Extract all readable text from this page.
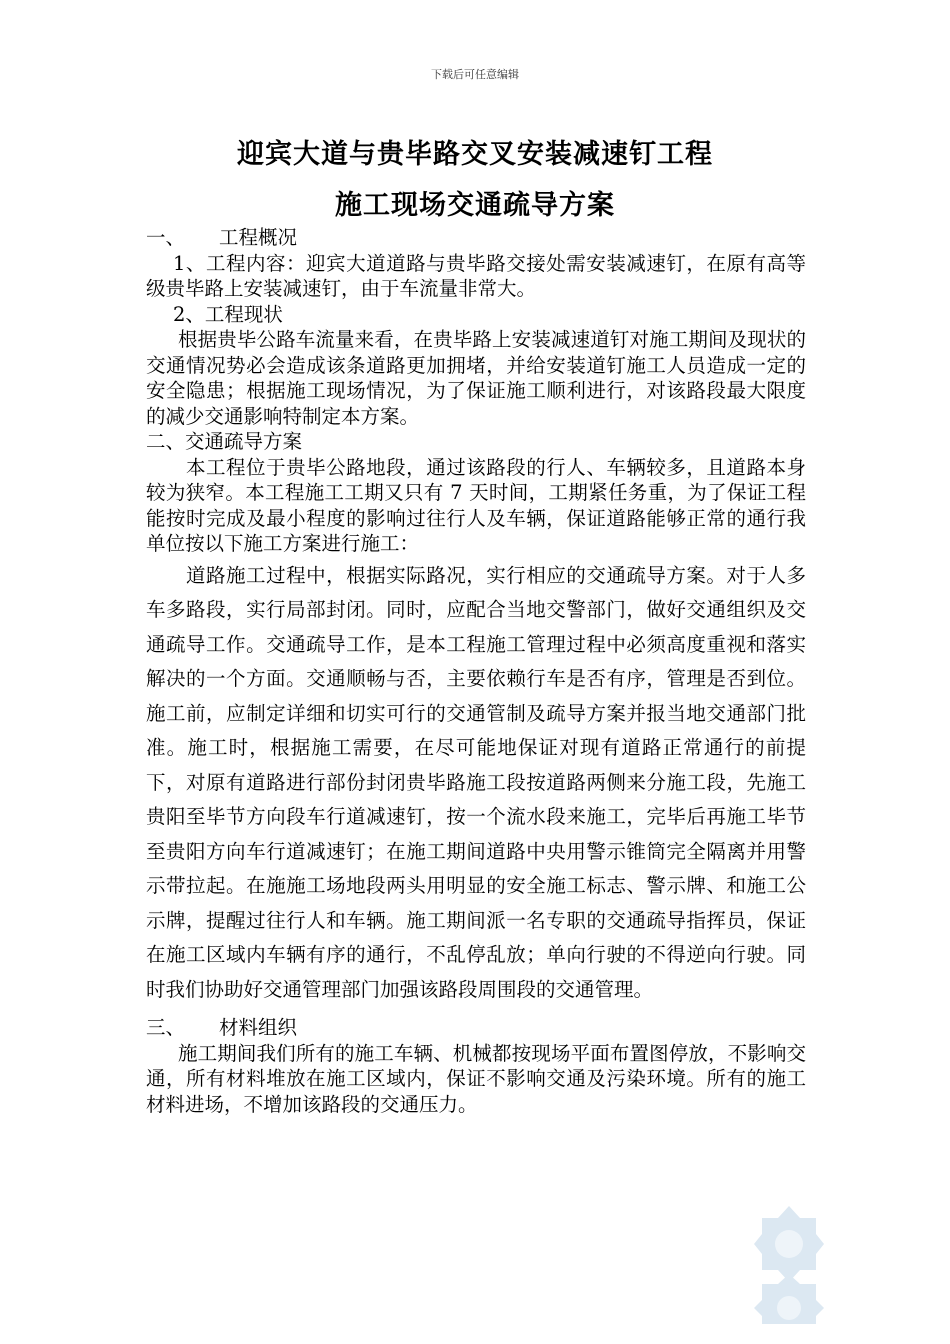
下载后可任意编辑
迎宾大道与贵毕路交叉安装减速钉工程
施工现场交通疏导方案

一、 工程概况

1、工程内容：迎宾大道道路与贵毕路交接处需安装减速钉，在原有高等级贵毕路上安装减速钉，由于车流量非常大。

2、工程现状

根据贵毕公路车流量来看，在贵毕路上安装减速道钉对施工期间及现状的交通情况势必会造成该条道路更加拥堵，并给安装道钉施工人员造成一定的安全隐患；根据施工现场情况，为了保证施工顺利进行，对该路段最大限度的减少交通影响特制定本方案。

二、交通疏导方案

本工程位于贵毕公路地段，通过该路段的行人、车辆较多，且道路本身较为狭窄。本工程施工工期又只有 7 天时间，工期紧任务重，为了保证工程能按时完成及最小程度的影响过往行人及车辆，保证道路能够正常的通行我单位按以下施工方案进行施工：

道路施工过程中，根据实际路况，实行相应的交通疏导方案。对于人多车多路段，实行局部封闭。同时，应配合当地交警部门，做好交通组织及交通疏导工作。交通疏导工作，是本工程施工管理过程中必须高度重视和落实解决的一个方面。交通顺畅与否，主要依赖行车是否有序，管理是否到位。施工前，应制定详细和切实可行的交通管制及疏导方案并报当地交通部门批准。施工时，根据施工需要，在尽可能地保证对现有道路正常通行的前提下，对原有道路进行部份封闭贵毕路施工段按道路两侧来分施工段，先施工贵阳至毕节方向段车行道减速钉，按一个流水段来施工，完毕后再施工毕节至贵阳方向车行道减速钉；在施工期间道路中央用警示锥筒完全隔离并用警示带拉起。在施施工场地段两头用明显的安全施工标志、警示牌、和施工公示牌，提醒过往行人和车辆。施工期间派一名专职的交通疏导指挥员，保证在施工区域内车辆有序的通行，不乱停乱放；单向行驶的不得逆向行驶。同时我们协助好交通管理部门加强该路段周围段的交通管理。

三、 材料组织

施工期间我们所有的施工车辆、机械都按现场平面布置图停放，不影响交通，所有材料堆放在施工区域内，保证不影响交通及污染环境。所有的施工材料进场，不增加该路段的交通压力。
